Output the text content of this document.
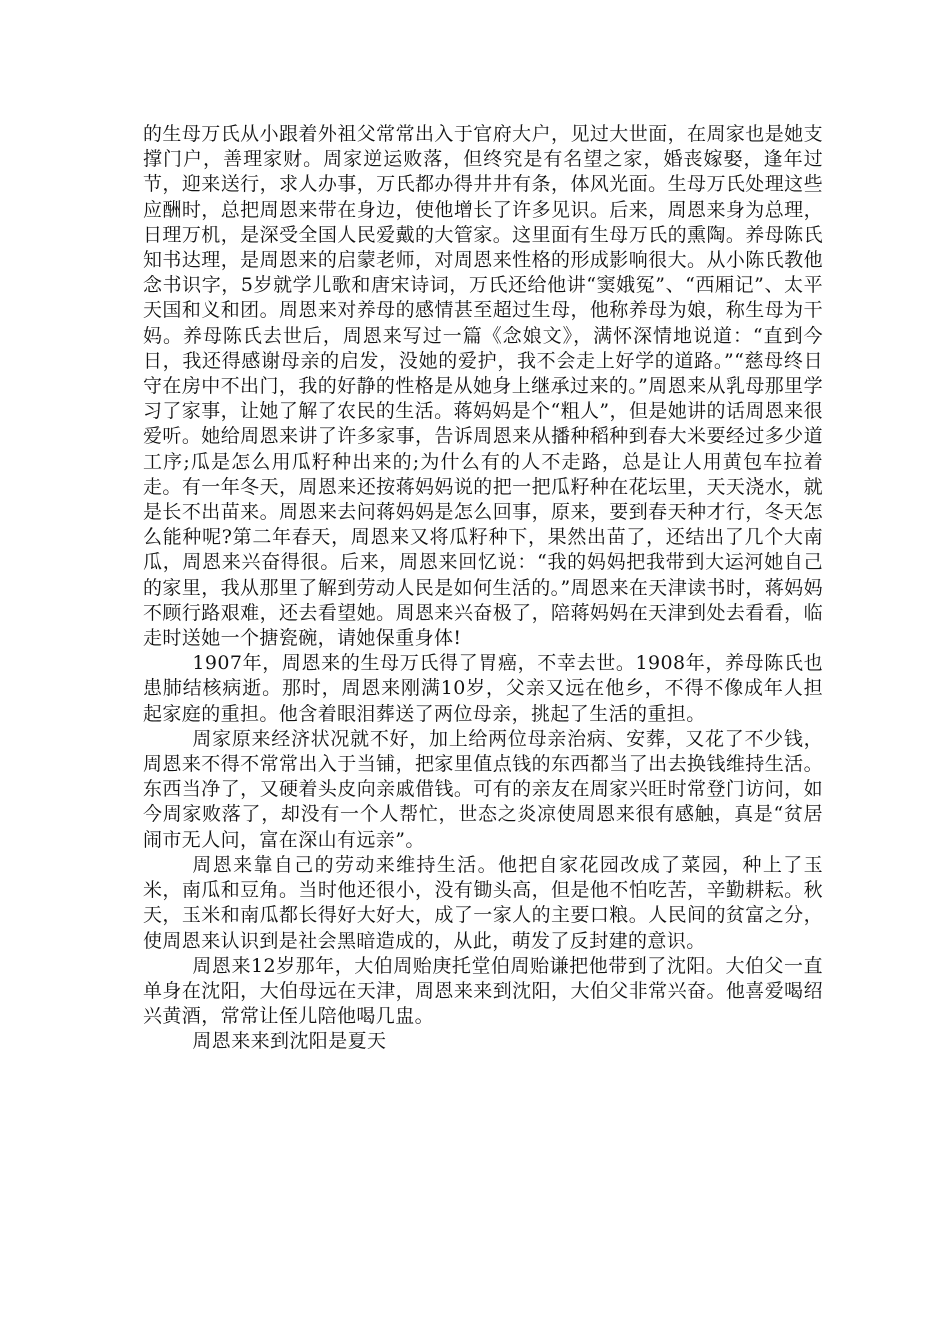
的生母万氏从小跟着外祖父常常出入于官府大户，见过大世面，在周家也是她支撑门户，善理家财。周家逆运败落，但终究是有名望之家，婚丧嫁娶，逢年过节，迎来送行，求人办事，万氏都办得井井有条，体风光面。生母万氏处理这些应酬时，总把周恩来带在身边，使他增长了许多见识。后来，周恩来身为总理，日理万机，是深受全国人民爱戴的大管家。这里面有生母万氏的熏陶。养母陈氏知书达理，是周恩来的启蒙老师，对周恩来性格的形成影响很大。从小陈氏教他念书识字，5岁就学儿歌和唐宋诗词，万氏还给他讲“窦娥冤”、“西厢记”、太平天国和义和团。周恩来对养母的感情甚至超过生母，他称养母为娘，称生母为干妈。养母陈氏去世后，周恩来写过一篇《念娘文》，满怀深情地说道：“直到今日，我还得感谢母亲的启发，没她的爱护，我不会走上好学的道路。”“慈母终日守在房中不出门，我的好静的性格是从她身上继承过来的。”周恩来从乳母那里学习了家事，让她了解了农民的生活。蒋妈妈是个“粗人”，但是她讲的话周恩来很爱听。她给周恩来讲了许多家事，告诉周恩来从播种稻种到春大米要经过多少道工序;瓜是怎么用瓜籽种出来的;为什么有的人不走路，总是让人用黄包车拉着走。有一年冬天，周恩来还按蒋妈妈说的把一把瓜籽种在花坛里，天天浇水，就是长不出苗来。周恩来去问蒋妈妈是怎么回事，原来，要到春天种才行，冬天怎么能种呢?第二年春天，周恩来又将瓜籽种下，果然出苗了，还结出了几个大南瓜，周恩来兴奋得很。后来，周恩来回忆说：“我的妈妈把我带到大运河她自己的家里，我从那里了解到劳动人民是如何生活的。”周恩来在天津读书时，蒋妈妈不顾行路艰难，还去看望她。周恩来兴奋极了，陪蒋妈妈在天津到处去看看，临走时送她一个搪瓷碗，请她保重身体!

1907年，周恩来的生母万氏得了胃癌，不幸去世。1908年，养母陈氏也患肺结核病逝。那时，周恩来刚满10岁，父亲又远在他乡，不得不像成年人担起家庭的重担。他含着眼泪葬送了两位母亲，挑起了生活的重担。

周家原来经济状况就不好，加上给两位母亲治病、安葬，又花了不少钱，周恩来不得不常常出入于当铺，把家里值点钱的东西都当了出去换钱维持生活。东西当净了，又硬着头皮向亲戚借钱。可有的亲友在周家兴旺时常登门访问，如今周家败落了，却没有一个人帮忙，世态之炎凉使周恩来很有感触，真是“贫居闹市无人问，富在深山有远亲”。

周恩来靠自己的劳动来维持生活。他把自家花园改成了菜园，种上了玉米，南瓜和豆角。当时他还很小，没有锄头高，但是他不怕吃苦，辛勤耕耘。秋天，玉米和南瓜都长得好大好大，成了一家人的主要口粮。人民间的贫富之分，使周恩来认识到是社会黑暗造成的，从此，萌发了反封建的意识。

周恩来12岁那年，大伯周贻庚托堂伯周贻谦把他带到了沈阳。大伯父一直单身在沈阳，大伯母远在天津，周恩来来到沈阳，大伯父非常兴奋。他喜爱喝绍兴黄酒，常常让侄儿陪他喝几盅。

周恩来来到沈阳是夏天
